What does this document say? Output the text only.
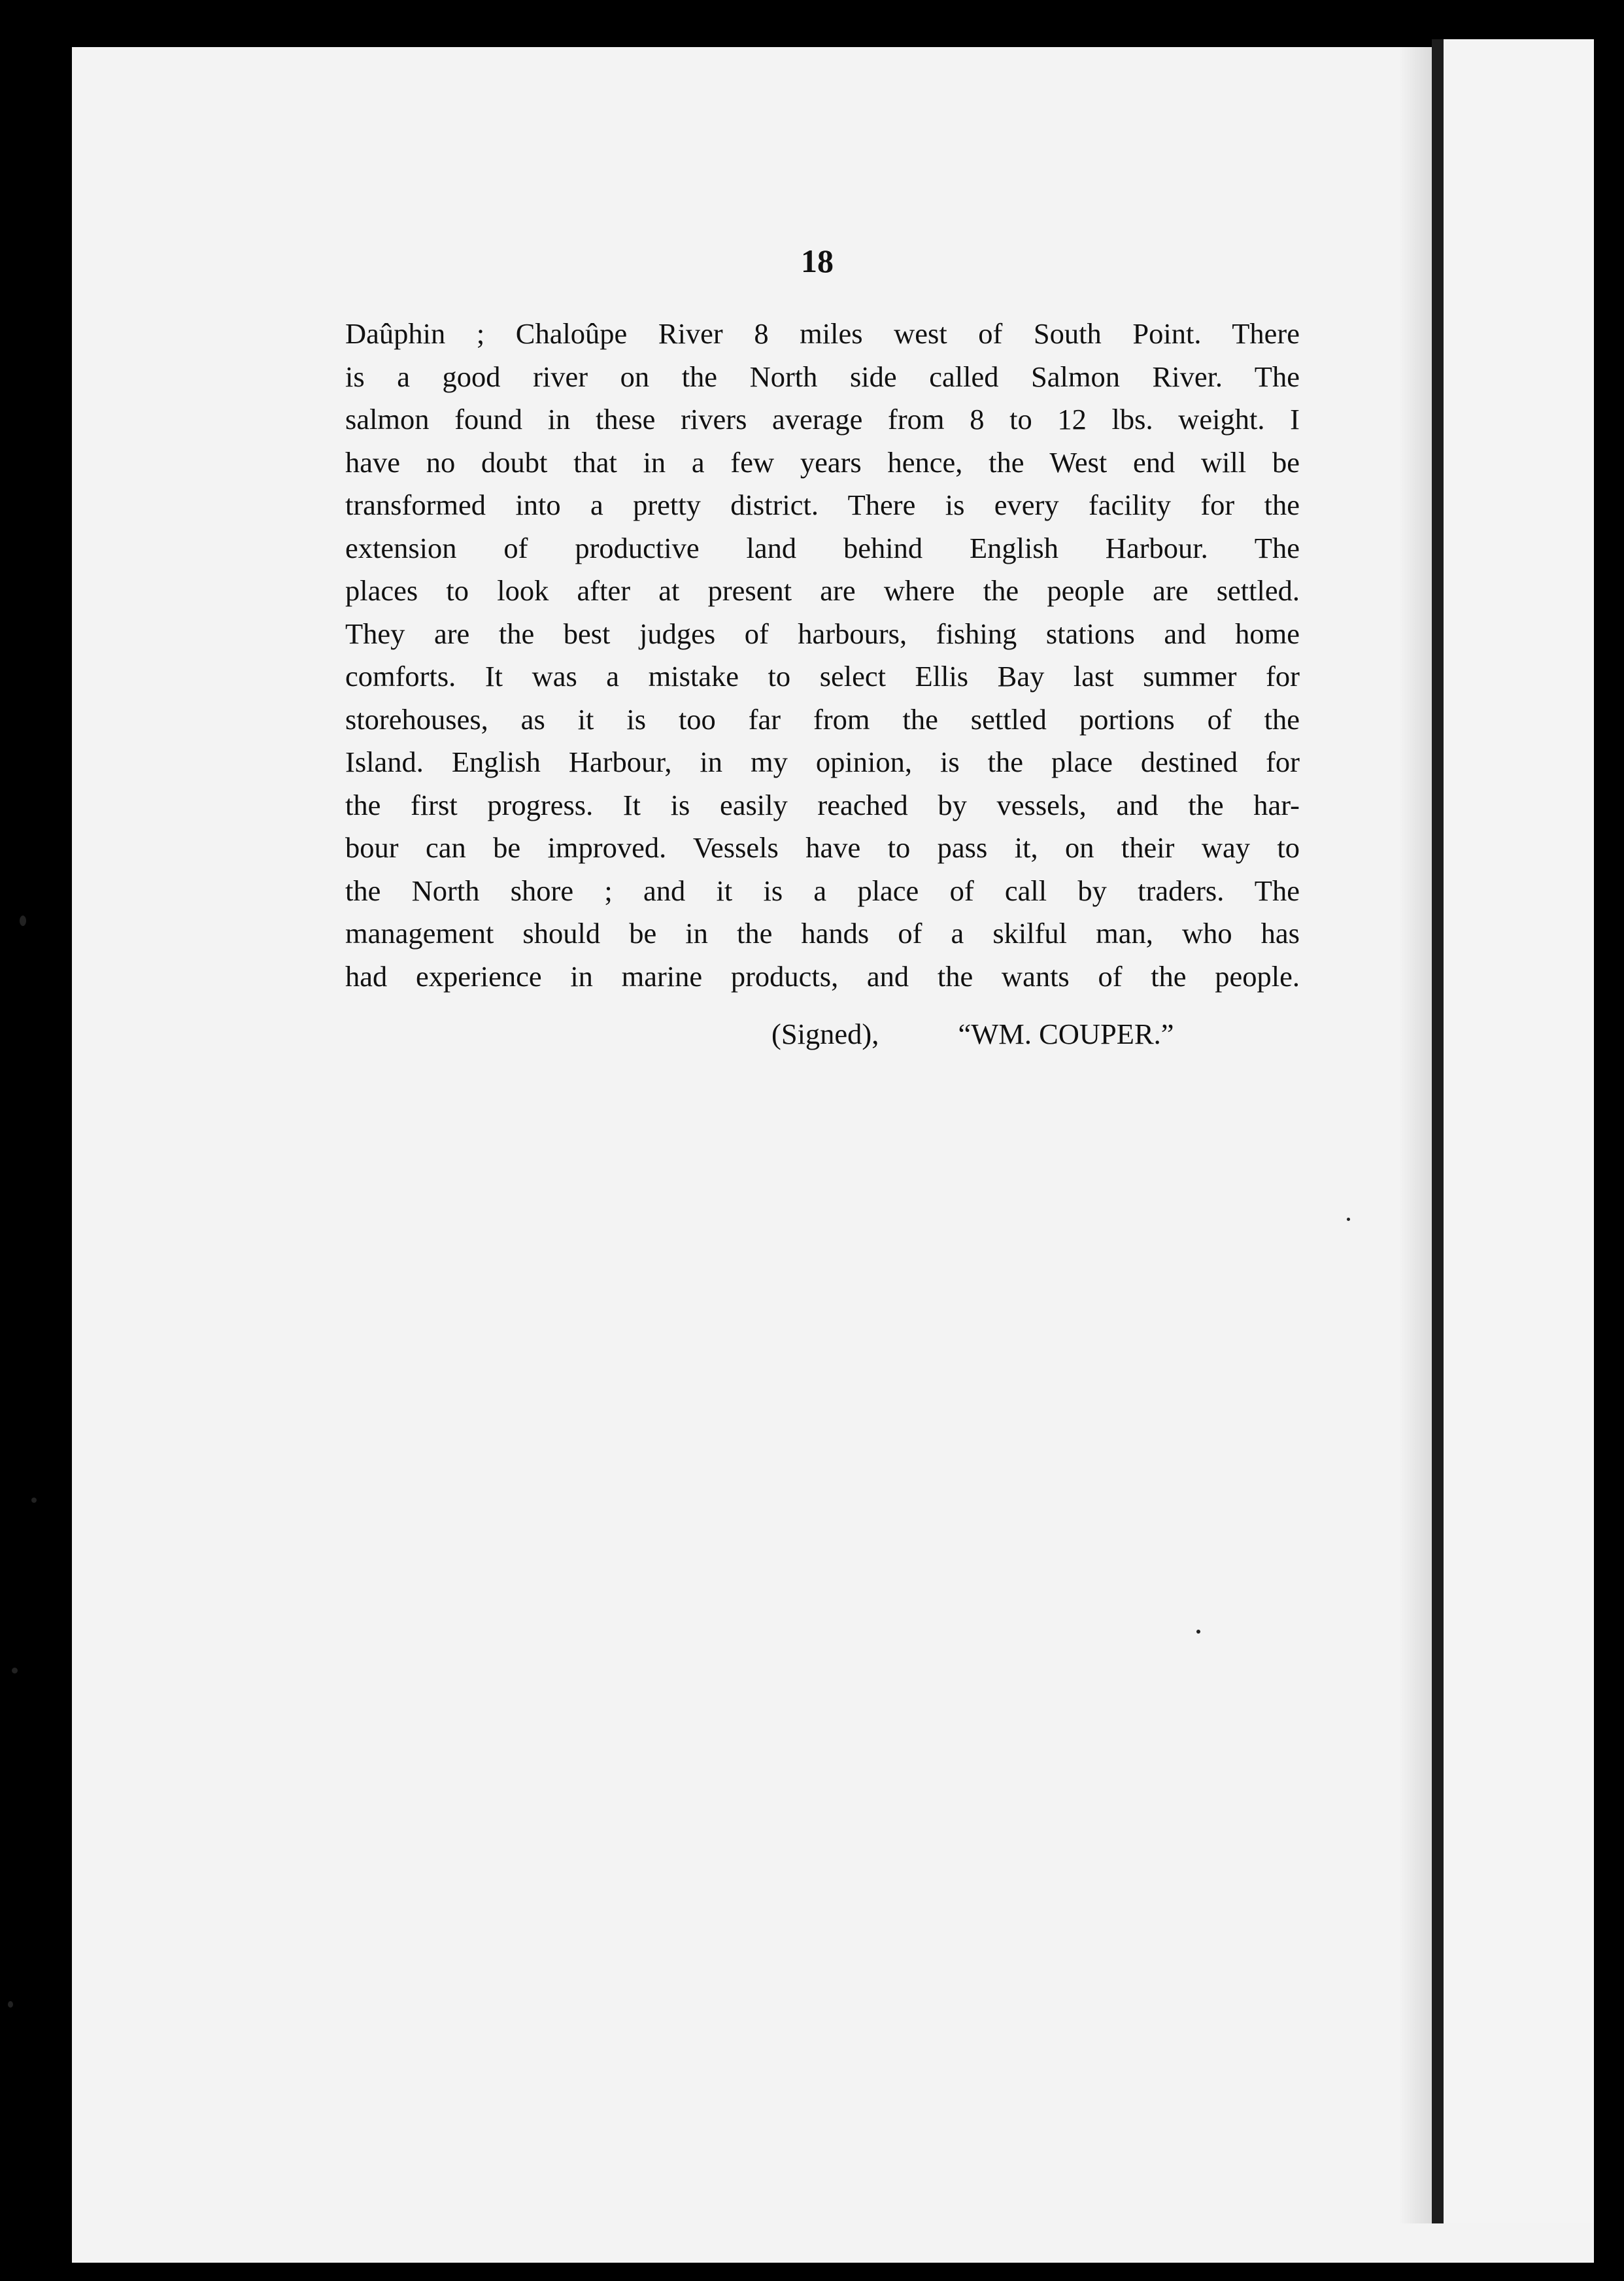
18
Daûphin ; Chaloûpe River 8 miles west of South Point. There
is a good river on the North side called Salmon River. The
salmon found in these rivers average from 8 to 12 lbs. weight. I
have no doubt that in a few years hence, the West end will be
transformed into a pretty district. There is every facility for the
extension of productive land behind English Harbour. The
places to look after at present are where the people are settled.
They are the best judges of harbours, fishing stations and home
comforts. It was a mistake to select Ellis Bay last summer for
storehouses, as it is too far from the settled portions of the
Island. English Harbour, in my opinion, is the place destined for
the first progress. It is easily reached by vessels, and the har-
bour can be improved. Vessels have to pass it, on their way to
the North shore ; and it is a place of call by traders. The
management should be in the hands of a skilful man, who has
had experience in marine products, and the wants of the people.
(Signed),	“WM. COUPER.”
